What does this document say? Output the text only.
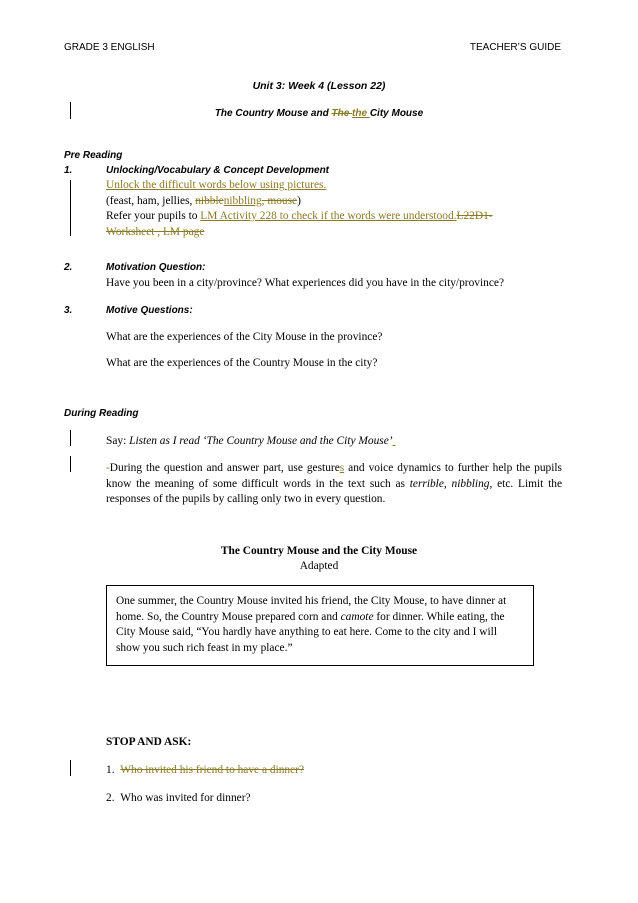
GRADE 3 ENGLISH	TEACHER’S GUIDE
Unit 3: Week 4 (Lesson 22)
The Country Mouse and The the City Mouse
Pre Reading
1.	Unlocking/Vocabulary & Concept Development
Unlock the difficult words below using pictures.
(feast, ham, jellies, nibblenibbling, mouse)
Refer your pupils to LM Activity 228 to check if the words were understood.L22D1-
Worksheet , LM page
2.	Motivation Question:
Have you been in a city/province? What experiences did you have in the city/province?
3.	Motive Questions:
What are the experiences of the City Mouse in the province?
What are the experiences of the Country Mouse in the city?
During Reading
Say: Listen as I read ‘The Country Mouse and the City Mouse’
-During the question and answer part, use gestures and voice dynamics to further help the pupils
know the meaning of some difficult words in the text such as terrible, nibbling, etc. Limit the
responses of the pupils by calling only two in every question.
The Country Mouse and the City Mouse
Adapted
One summer, the Country Mouse invited his friend, the City Mouse, to have dinner at
home. So, the Country Mouse prepared corn and camote for dinner. While eating, the
City Mouse said, “You hardly have anything to eat here. Come to the city and I will
show you such rich feast in my place.”
STOP AND ASK:
1. Who invited his friend to have a dinner?
2. Who was invited for dinner?
